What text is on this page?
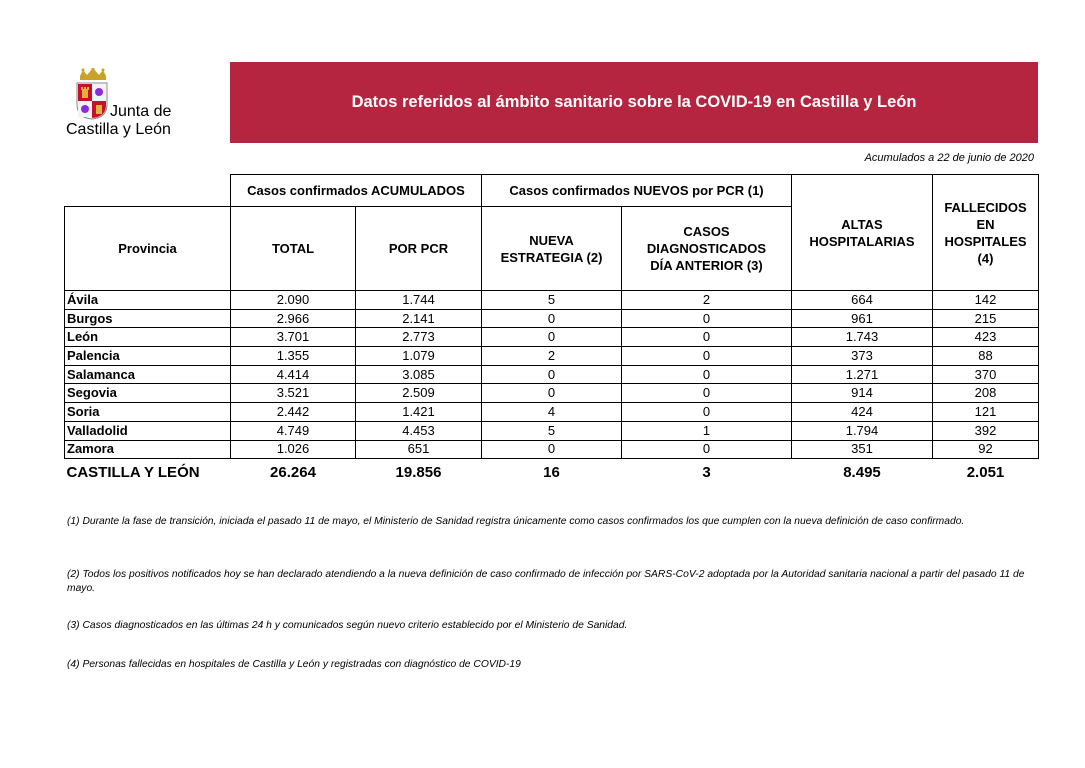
Junta de
Castilla y León
Datos referidos al ámbito sanitario sobre la COVID-19 en Castilla y León
Acumulados a 22 de junio de 2020
	Casos confirmados ACUMULADOS		Casos confirmados NUEVOS por PCR (1)		ALTAS HOSPITALARIAS	FALLECIDOS EN HOSPITALES (4)
Provincia	TOTAL	POR PCR	NUEVA ESTRATEGIA (2)	CASOS DIAGNOSTICADOS DÍA ANTERIOR (3)		
Ávila	2.090	1.744	5	2	664	142
Burgos	2.966	2.141	0	0	961	215
León	3.701	2.773	0	0	1.743	423
Palencia	1.355	1.079	2	0	373	88
Salamanca	4.414	3.085	0	0	1.271	370
Segovia	3.521	2.509	0	0	914	208
Soria	2.442	1.421	4	0	424	121
Valladolid	4.749	4.453	5	1	1.794	392
Zamora	1.026	651	0	0	351	92
CASTILLA Y LEÓN	26.264	19.856	16	3	8.495	2.051
(1) Durante la fase de transición, iniciada el pasado 11 de mayo, el Ministerio de Sanidad registra únicamente como casos confirmados los que cumplen con la nueva definición de caso confirmado.
(2) Todos los positivos notificados hoy se han declarado atendiendo a la nueva definición de caso confirmado de infección por SARS-CoV-2 adoptada por la Autoridad sanitaria nacional a partir del pasado 11 de mayo.
(3) Casos diagnosticados en las últimas 24 h y comunicados según nuevo criterio establecido por el Ministerio de Sanidad.
(4) Personas fallecidas en hospitales de Castilla y León y registradas con diagnóstico de COVID-19
